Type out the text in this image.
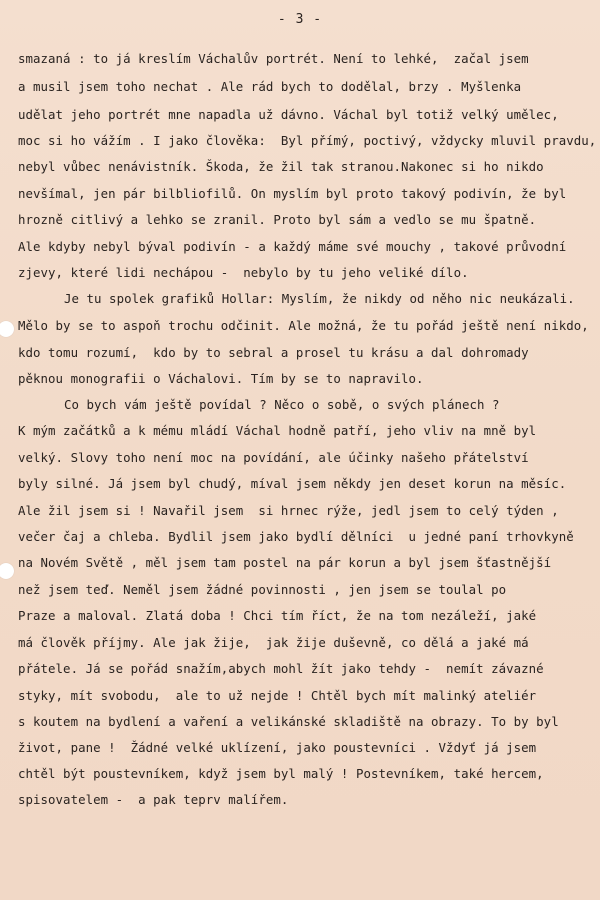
- 3 -
smazaná : to já kreslím Váchalův portrét. Není to lehké,  začal jsem
a musil jsem toho nechat . Ale rád bych to dodělal, brzy . Myšlenka
udělat jeho portrét mne napadla už dávno. Váchal byl totiž velký umělec,
moc si ho vážím . I jako člověka:  Byl přímý, poctivý, vždycky mluvil pravdu,
nebyl vůbec nenávistník. Škoda, že žil tak stranou.Nakonec si ho nikdo
nevšímal, jen pár bilbliofilů. On myslím byl proto takový podivín, že byl
hrozně citlivý a lehko se zranil. Proto byl sám a vedlo se mu špatně.
Ale kdyby nebyl býval podivín - a každý máme své mouchy , takové průvodní
zjevy, které lidi nechápou -  nebylo by tu jeho veliké dílo.
Je tu spolek grafiků Hollar: Myslím, že nikdy od něho nic neukázali.
Mělo by se to aspoň trochu odčinit. Ale možná, že tu pořád ještě není nikdo,
kdo tomu rozumí,  kdo by to sebral a prosel tu krásu a dal dohromady
pěknou monografii o Váchalovi. Tím by se to napravilo.
Co bych vám ještě povídal ? Něco o sobě, o svých plánech ?
K mým začátků a k mému mládí Váchal hodně patří, jeho vliv na mně byl
velký. Slovy toho není moc na povídání, ale účinky našeho přátelství
byly silné. Já jsem byl chudý, míval jsem někdy jen deset korun na měsíc.
Ale žil jsem si ! Navařil jsem  si hrnec rýže, jedl jsem to celý týden ,
večer čaj a chleba. Bydlil jsem jako bydlí dělníci  u jedné paní trhovkyně
na Novém Světě , měl jsem tam postel na pár korun a byl jsem šťastnější
než jsem teď. Neměl jsem žádné povinnosti , jen jsem se toulal po
Praze a maloval. Zlatá doba ! Chci tím říct, že na tom nezáleží, jaké
má člověk příjmy. Ale jak žije,  jak žije duševně, co dělá a jaké má
přátele. Já se pořád snažím,abych mohl žít jako tehdy -  nemít závazné
styky, mít svobodu,  ale to už nejde ! Chtěl bych mít malinký ateliér
s koutem na bydlení a vaření a velikánské skladiště na obrazy. To by byl
život, pane !  Žádné velké uklízení, jako poustevníci . Vždyť já jsem
chtěl být poustevníkem, když jsem byl malý ! Postevníkem, také hercem,
spisovatelem -  a pak teprv malířem.
